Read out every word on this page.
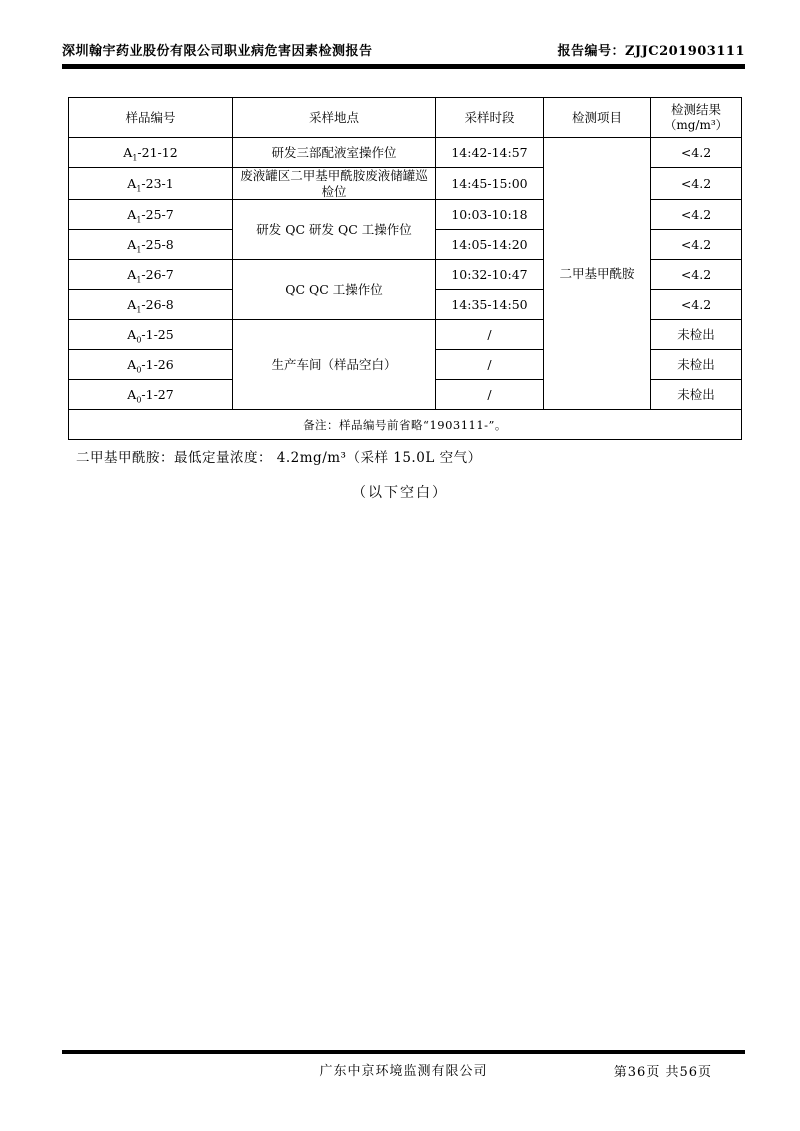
深圳翰宇药业股份有限公司职业病危害因素检测报告	报告编号：ZJJC201903111
样品编号	采样地点	采样时段	检测项目	检测结果
（mg/m³）

$A_1-21-12$	研发三部配液室操作位	14:42-14:57	二甲基甲酰胺	<4.2
$A_1-23-1$	废液罐区二甲基甲酰胺废液储罐巡检位	14:45-15:00		<4.2
$A_1-25-7$	研发 QC 研发 QC 工操作位	10:03-10:18		<4.2
$A_1-25-8$		14:05-14:20		<4.2
$A_1-26-7$	QC QC 工操作位	10:32-10:47		<4.2
$A_1-26-8$		14:35-14:50		<4.2
$A_0-1-25$	生产车间（样品空白）	/		未检出
$A_0-1-26$		/		未检出
$A_0-1-27$		/		未检出
备注：样品编号前省略“1903111-”。				
二甲基甲酰胺：最低定量浓度： 4.2mg/m³（采样 15.0L 空气）
（以下空白）
广东中京环境监测有限公司	第36页 共56页
